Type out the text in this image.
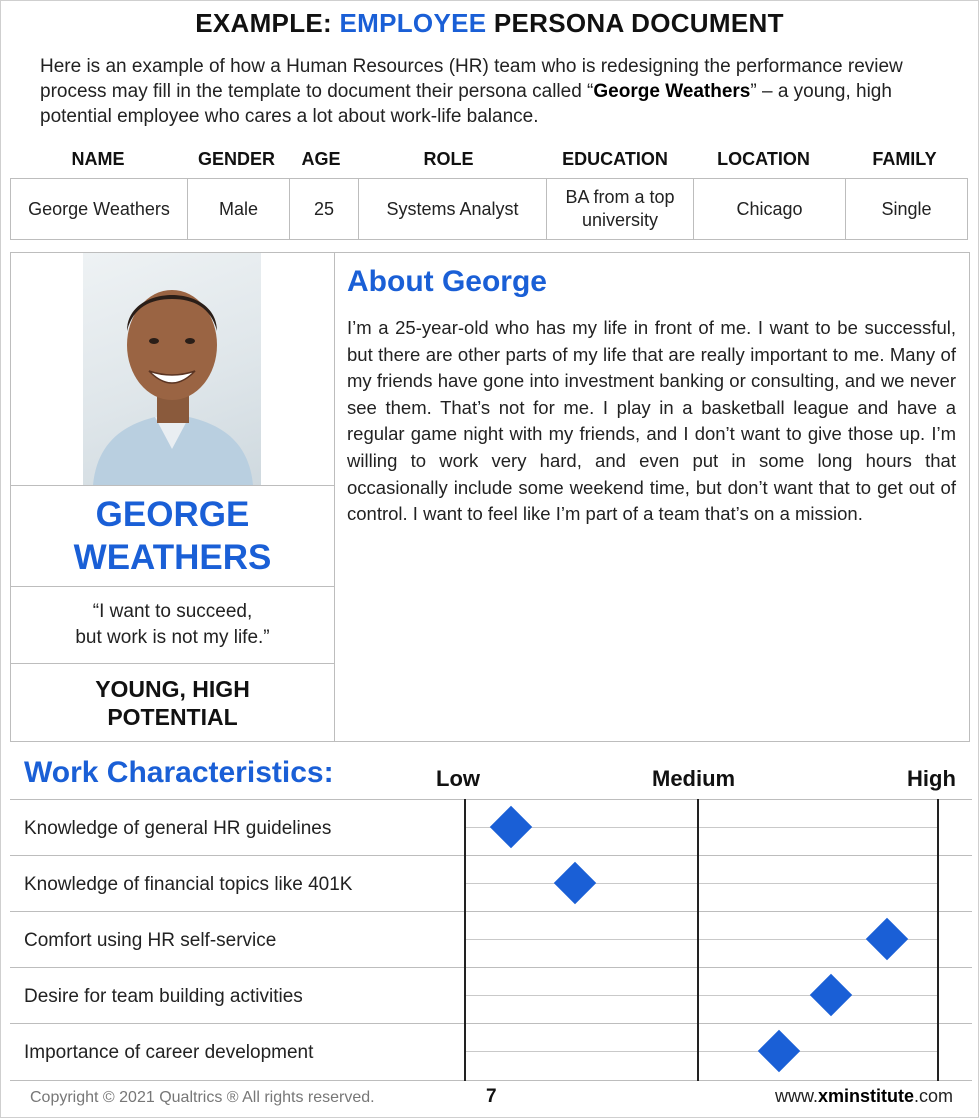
EXAMPLE: EMPLOYEE PERSONA DOCUMENT
Here is an example of how a Human Resources (HR) team who is redesigning the performance review process may fill in the template to document their persona called “George Weathers” – a young, high potential employee who cares a lot about work-life balance.
NAME	GENDER	AGE	ROLE	EDUCATION	LOCATION	FAMILY
George Weathers	Male	25	Systems Analyst	BA from a top university	Chicago	Single
GEORGE
WEATHERS
“I want to succeed,
but work is not my life.”
YOUNG, HIGH
POTENTIAL
About George

I’m a 25-year-old who has my life in front of me. I want to be successful, but there are other parts of my life that are really important to me. Many of my friends have gone into investment banking or consulting, and we never see them. That’s not for me. I play in a basketball league and have a regular game night with my friends, and I don’t want to give those up. I’m willing to work very hard, and even put in some long hours that occasionally include some weekend time, but don’t want that to get out of control. I want to feel like I’m part of a team that’s on a mission.

Work Characteristics:	Low	Medium	High
Knowledge of general HR guidelines
Knowledge of financial topics like 401K
Comfort using HR self-service
Desire for team building activities
Importance of career development
Copyright © 2021 Qualtrics ® All rights reserved.	7	www.xminstitute.com
